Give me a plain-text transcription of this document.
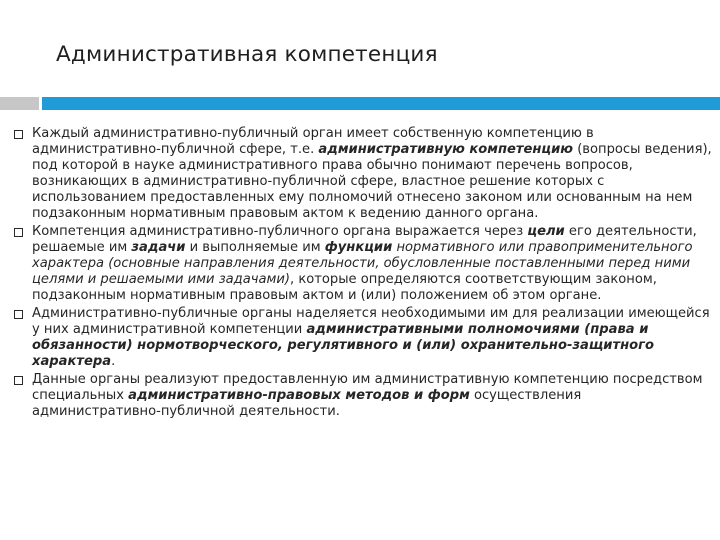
Административная компетенция
Каждый административно-публичный орган имеет собственную компетенцию в административно-публичной сфере, т.е. административную компетенцию (вопросы ведения), под которой в науке административного права обычно понимают перечень вопросов, возникающих в административно-публичной сфере, властное решение которых с использованием предоставленных ему полномочий отнесено законом или основанным на нем подзаконным нормативным правовым актом к ведению данного органа.
Компетенция административно-публичного органа выражается через цели его деятельности, решаемые им задачи и выполняемые им функции нормативного или правоприменительного характера (основные направления деятельности, обусловленные поставленными перед ними целями и решаемыми ими задачами), которые определяются соответствующим законом, подзаконным нормативным правовым актом и (или) положением об этом органе.
Административно-публичные органы наделяется необходимыми им для реализации имеющейся у них административной компетенции административными полномочиями (права и обязанности) нормотворческого, регулятивного и (или) охранительно-защитного характера.
Данные органы реализуют предоставленную им административную компетенцию посредством специальных административно-правовых методов и форм осуществления административно-публичной деятельности.
